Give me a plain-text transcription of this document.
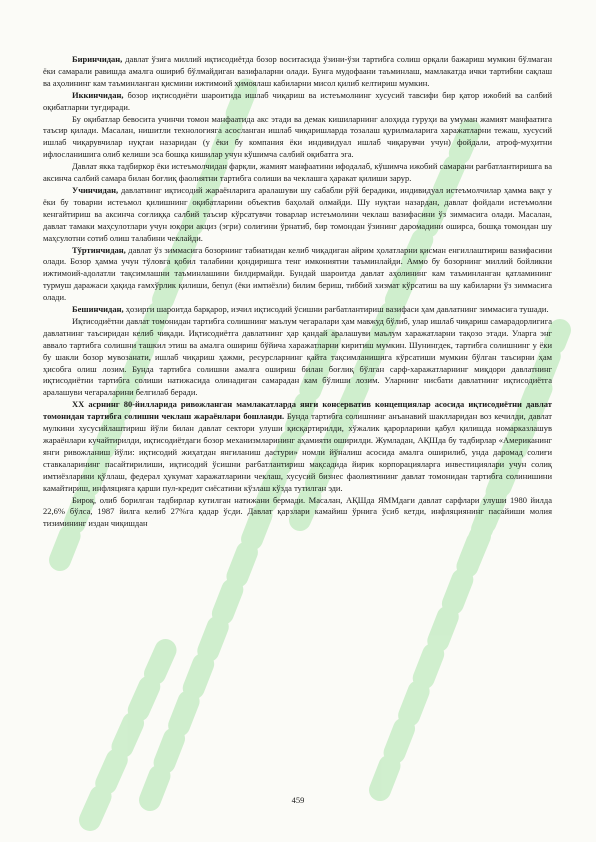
Биринчидан, давлат ўзига миллий иқтисодиётда бозор воситасида ўзини-ўзи тартибга солиш орқали бажариш мумкин бўлмаган ёки самарали равишда амалга ошириб бўлмайдиган вазифаларни олади. Бунга мудофаани таъминлаш, мамлакатда ички тартибни сақлаш ва аҳолининг кам таъминланган қисмини ижтимоий ҳимоялаш кабиларни мисол қилиб келтириш мумкин.

Иккинчидан, бозор иқтисодиёти шароитида ишлаб чиқариш ва истеъмолнинг хусусий тавсифи бир қатор ижобий ва салбий оқибатларни туғдиради.

Бу оқибатлар бевосита учинчи томон манфаатида акс этади ва демак кишиларнинг алоҳида гуруҳи ва умуман жамият манфаатига таъсир қилади. Масалан, нишитли технологияга асосланган ишлаб чиқаришларда тозалаш қурилмаларига харажатларни тежаш, хусусий ишлаб чиқарувчилар нуқтаи назаридан (у ёки бу компания ёки индивидуал ишлаб чиқарувчи учун) фойдали, атроф-муҳитни ифлосланишига олиб келиши эса бошқа кишилар учун кўшимча салбий оқибатга эга.

Давлат якка тадбиркор ёки истеъмолчидан фарқли, жамият манфаатини ифодалаб, кўшимча ижобий самарани рағбатлантиришга ва аксинча салбий самара билан боғлиқ фаолиятни тартибга солиши ва чеклашга ҳаракат қилиши зарур.

Учинчидан, давлатнинг иқтисодий жараёнларига аралашуви шу сабабли рўй берадики, индивидуал истеъмолчилар ҳамма вақт у ёки бу товарни истеъмол қилишнинг оқибатларини объектив баҳолай олмайди. Шу нуқтаи назардан, давлат фойдали истеъмолни кенгайтириш ва аксинча соғлиққа салбий таъсир кўрсатувчи товарлар истеъмолини чеклаш вазифасини ўз зиммасига олади. Масалан, давлат тамаки маҳсулотлари учун юқори акциз (эгри) солиғини ўрнатиб, бир томондан ўзининг даромадини оширса, бошқа томондан шу маҳсулотни сотиб олиш талабини чеклайди.

Тўртинчидан, давлат ўз зиммасига бозорнинг табиатидан келиб чиқадиган айрим ҳолатларни қисман енгиллаштириш вазифасини олади. Бозор ҳамма учун тўловга қобил талабини қондиришга тенг имкониятни таъминлайди. Аммо бу бозорнинг миллий бойликни ижтимоий-адолатли тақсимлашни таъминлашини билдирмайди. Бундай шароитда давлат аҳолининг кам таъминланган қатламининг турмуш даражаси ҳақида ғамхўрлик қилиши, бепул (ёки имтиёзли) билим бериш, тиббий хизмат кўрсатиш ва шу кабиларни ўз зиммасига олади.

Бешинчидан, ҳозирги шароитда барқарор, изчил иқтисодий ўсишни рағбатлантириш вазифаси ҳам давлатнинг зиммасига тушади.

Иқтисодиётни давлат томонидан тартибга солишнинг маълум чегаралари ҳам мавжуд бўлиб, улар ишлаб чиқариш самарадорлигига давлатнинг таъсиридан келиб чиқади. Иқтисодиётга давлатнинг ҳар қандай аралашуви маълум харажатларни тақозо этади. Уларга энг аввало тартибга солишни ташкил этиш ва амалга ошириш бўйича харажатларни киритиш мумкин. Шунингдек, тартибга солишнинг у ёки бу шакли бозор мувозанати, ишлаб чиқариш ҳажми, ресурсларнинг қайта тақсимланишига кўрсатиши мумкин бўлган таъсирни ҳам ҳисобга олиш лозим. Бунда тартибга солишни амалга ошириш билан боғлиқ бўлган сарф-харажатларнинг миқдори давлатнинг иқтисодиётни тартибга солиши натижасида олинадиган самарадан кам бўлиши лозим. Уларнинг нисбати давлатнинг иқтисодиётга аралашуви чегараларини белгилаб беради.

ХХ асрнинг 80-йилларида ривожланган мамлакатларда янги консерватив концепциялар асосида иқтисодиётни давлат томонидан тартибга солишни чеклаш жараёнлари бошланди. Бунда тартибга солишнинг анъанавий шаклларидан воз кечилди, давлат мулкини хусусийлаштириш йўли билан давлат сектори улуши қисқартирилди, хўжалик қарорларини қабул қилишда номарказлашув жараёнлари кучайтирилди, иқтисодиётдаги бозор механизмларининг аҳамияти оширилди. Жумладан, АҚШда бу тадбирлар «Американинг янги ривожланиш йўли: иқтисодий жиҳатдан янгиланиш дастури» номли йўналиш асосида амалга оширилиб, унда даромад солиғи ставкаларининг пасайтирилиши, иқтисодий ўсишни рағбатлантириш мақсадида йирик корпорацияларга инвестициялари учун солиқ имтиёзларини қўллаш, федерал ҳукумат харажатларини чеклаш, хусусий бизнес фаолиятининг давлат томонидан тартибга солинишини камайтириш, инфляцияга қарши пул-кредит сиёсатини кўзлаш кўзда тутилган эди.

Бироқ, олиб борилган тадбирлар кутилган натижани бермади. Масалан, АҚШда ЯММдаги давлат сарфлари улуши 1980 йилда 22,6% бўлса, 1987 йилга келиб 27%га қадар ўсди. Давлат қарзлари камайиш ўрнига ўсиб кетди, инфляциянинг пасайиши молия тизимининг издан чиқишдан

459
